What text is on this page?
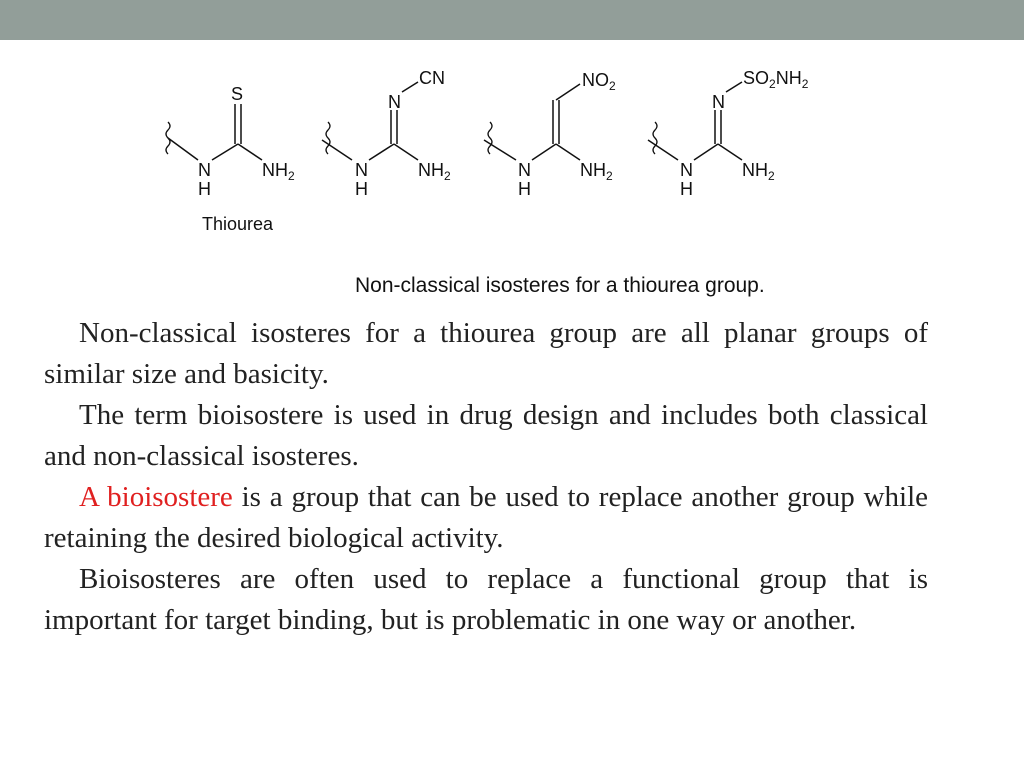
N
H
S
$NH_2$
Thiourea
N
H
N
CN
$NH_2$	N
H
$NO_2$
$NH_2$	N
H
N
$SO_2NH_2$
$NH_2$
Non-classical isosteres for a thiourea group.

Non-classical isosteres for a thiourea group are all planar groups of similar size and basicity.

The term bioisostere is used in drug design and includes both classical and non-classical isosteres.

A bioisostere is a group that can be used to replace another group while retaining the desired biological activity.

Bioisosteres are often used to replace a functional group that is important for target binding, but is problematic in one way or another.
